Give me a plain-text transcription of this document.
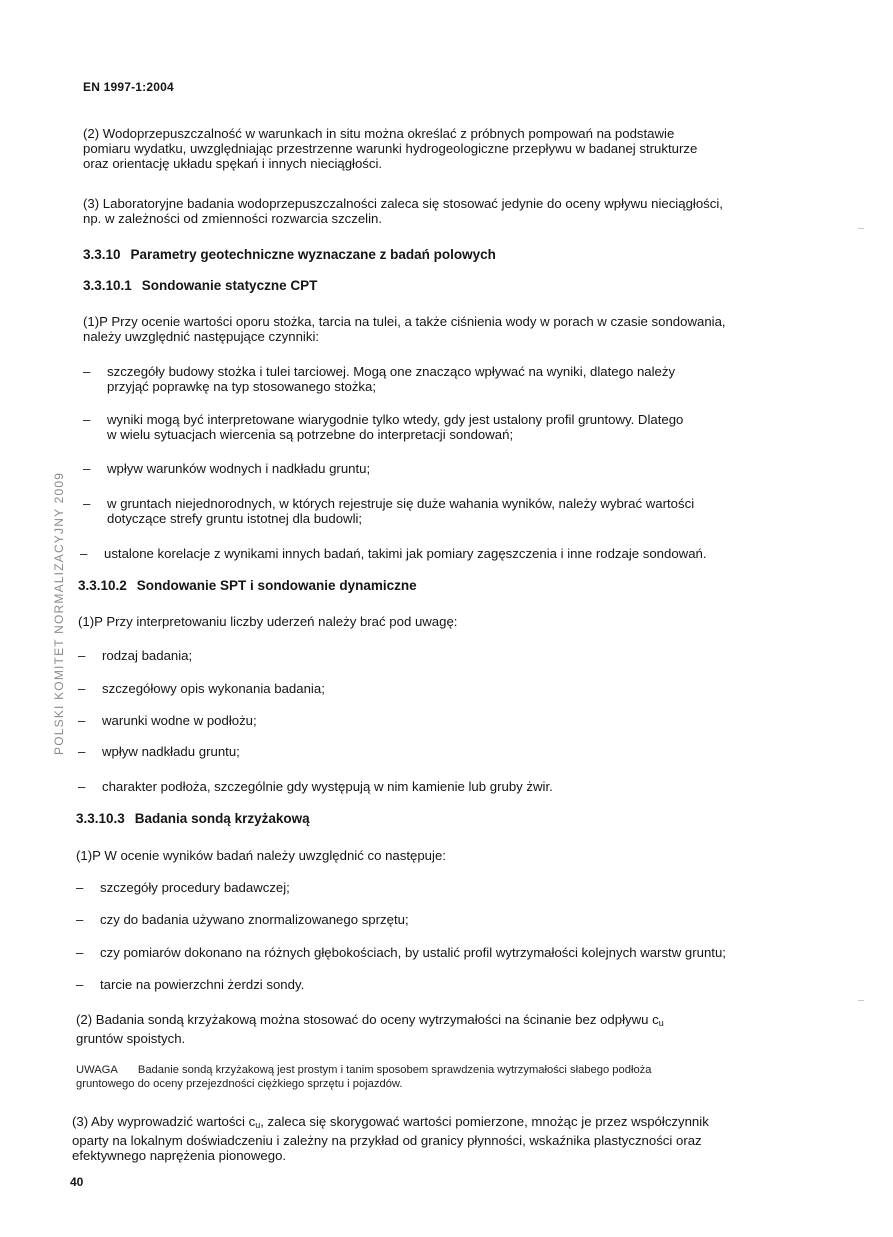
EN 1997-1:2004
POLSKI KOMITET NORMALIZACYJNY 2009
(2) Wodoprzepuszczalność w warunkach in situ można określać z próbnych pompowań na podstawie
pomiaru wydatku, uwzględniając przestrzenne warunki hydrogeologiczne przepływu w badanej strukturze
oraz orientację układu spękań i innych nieciągłości.
(3) Laboratoryjne badania wodoprzepuszczalności zaleca się stosować jedynie do oceny wpływu nieciągłości,
np. w zależności od zmienności rozwarcia szczelin.
3.3.10 Parametry geotechniczne wyznaczane z badań polowych
3.3.10.1 Sondowanie statyczne CPT
(1)P Przy ocenie wartości oporu stożka, tarcia na tulei, a także ciśnienia wody w porach w czasie sondowania,
należy uwzględnić następujące czynniki:
– szczegóły budowy stożka i tulei tarciowej. Mogą one znacząco wpływać na wyniki, dlatego należy
przyjąć poprawkę na typ stosowanego stożka;
– wyniki mogą być interpretowane wiarygodnie tylko wtedy, gdy jest ustalony profil gruntowy. Dlatego
w wielu sytuacjach wiercenia są potrzebne do interpretacji sondowań;
– wpływ warunków wodnych i nadkładu gruntu;
– w gruntach niejednorodnych, w których rejestruje się duże wahania wyników, należy wybrać wartości
dotyczące strefy gruntu istotnej dla budowli;
– ustalone korelacje z wynikami innych badań, takimi jak pomiary zagęszczenia i inne rodzaje sondowań.
3.3.10.2 Sondowanie SPT i sondowanie dynamiczne
(1)P Przy interpretowaniu liczby uderzeń należy brać pod uwagę:
– rodzaj badania;
– szczegółowy opis wykonania badania;
– warunki wodne w podłożu;
– wpływ nadkładu gruntu;
– charakter podłoża, szczególnie gdy występują w nim kamienie lub gruby żwir.
3.3.10.3 Badania sondą krzyżakową
(1)P W ocenie wyników badań należy uwzględnić co następuje:
– szczegóły procedury badawczej;
– czy do badania używano znormalizowanego sprzętu;
– czy pomiarów dokonano na różnych głębokościach, by ustalić profil wytrzymałości kolejnych warstw gruntu;
– tarcie na powierzchni żerdzi sondy.
(2) Badania sondą krzyżakową można stosować do oceny wytrzymałości na ścinanie bez odpływu $c_u$
gruntów spoistych.
UWAGA Badanie sondą krzyżakową jest prostym i tanim sposobem sprawdzenia wytrzymałości słabego podłoża
gruntowego do oceny przejezdności ciężkiego sprzętu i pojazdów.
(3) Aby wyprowadzić wartości $c_u$, zaleca się skorygować wartości pomierzone, mnożąc je przez współczynnik
oparty na lokalnym doświadczeniu i zależny na przykład od granicy płynności, wskaźnika plastyczności oraz
efektywnego naprężenia pionowego.
40
